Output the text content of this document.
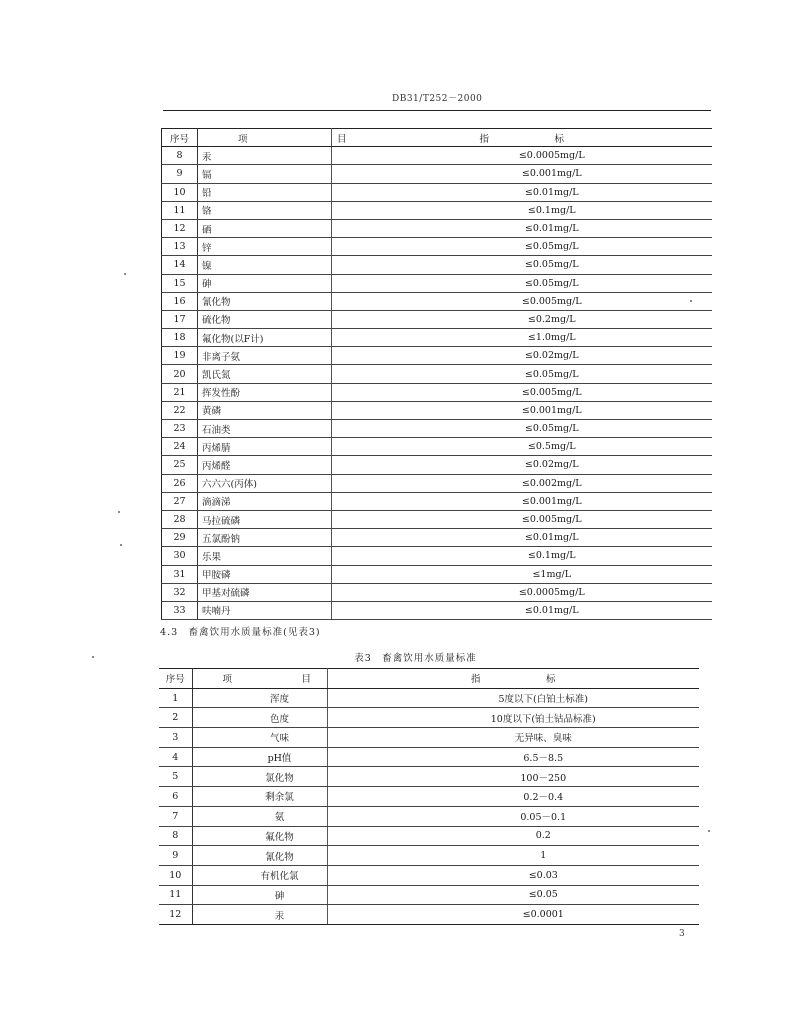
DB31/T252－2000
序号	项　目	指　标
8	汞	≤0.0005mg/L
9	镉	≤0.001mg/L
10	铅	≤0.01mg/L
11	铬	≤0.1mg/L
12	硒	≤0.01mg/L
13	锌	≤0.05mg/L
14	镍	≤0.05mg/L
15	砷	≤0.05mg/L
16	氰化物	≤0.005mg/L
17	硫化物	≤0.2mg/L
18	氟化物(以F计)	≤1.0mg/L
19	非离子氨	≤0.02mg/L
20	凯氏氮	≤0.05mg/L
21	挥发性酚	≤0.005mg/L
22	黄磷	≤0.001mg/L
23	石油类	≤0.05mg/L
24	丙烯腈	≤0.5mg/L
25	丙烯醛	≤0.02mg/L
26	六六六(丙体)	≤0.002mg/L
27	滴滴涕	≤0.001mg/L
28	马拉硫磷	≤0.005mg/L
29	五氯酚钠	≤0.01mg/L
30	乐果	≤0.1mg/L
31	甲胺磷	≤1mg/L
32	甲基对硫磷	≤0.0005mg/L
33	呋喃丹	≤0.01mg/L
4.3　畜禽饮用水质量标准(见表3)
表3　畜禽饮用水质量标准
序号	项　目	指　标
1	浑度	5度以下(白铂土标准)
2	色度	10度以下(铂土钴品标准)
3	气味	无异味、臭味
4	pH值	6.5－8.5
5	氯化物	100－250
6	剩余氯	0.2－0.4
7	氨	0.05－0.1
8	氟化物	0.2
9	氰化物	1
10	有机化氯	≤0.03
11	砷	≤0.05
12	汞	≤0.0001
3
